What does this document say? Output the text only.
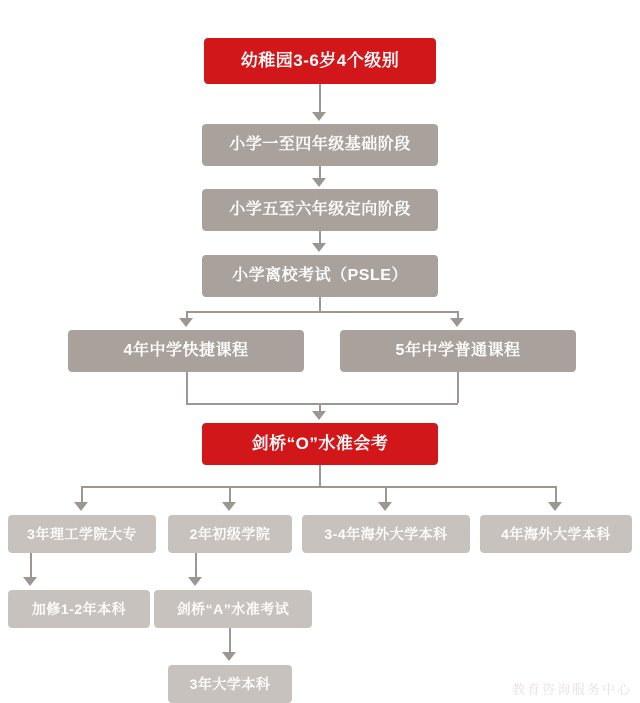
幼稚园3-6岁4个级别
小学一至四年级基础阶段
小学五至六年级定向阶段
小学离校考试（PSLE）
4年中学快捷课程	5年中学普通课程
剑桥“O”水准会考
3年理工学院大专	2年初级学院	3-4年海外大学本科	4年海外大学本科
加修1-2年本科	剑桥“A”水准考试
3年大学本科	教育咨询服务中心
